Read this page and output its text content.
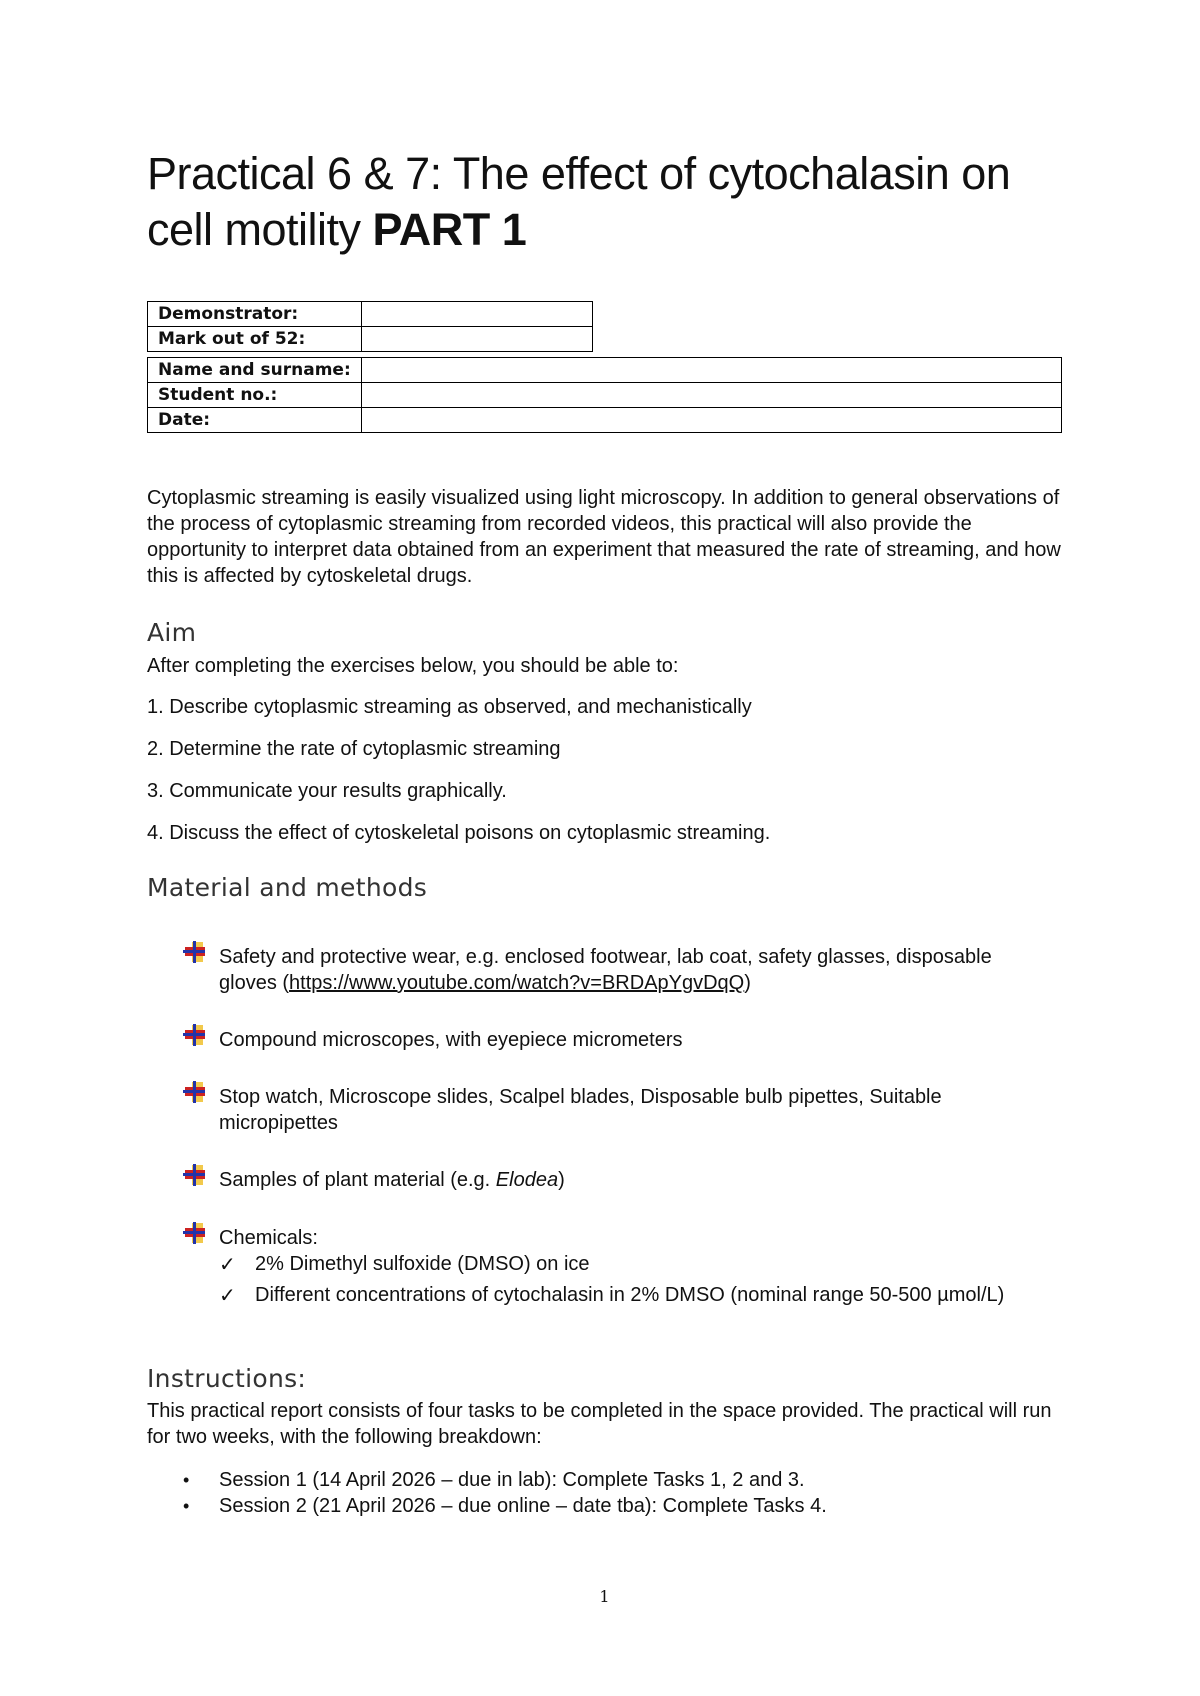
Practical 6 & 7: The effect of cytochalasin on cell motility PART 1
Demonstrator:	
Mark out of 52:	
Name and surname:	
Student no.:	
Date:	

Cytoplasmic streaming is easily visualized using light microscopy. In addition to general observations of the process of cytoplasmic streaming from recorded videos, this practical will also provide the opportunity to interpret data obtained from an experiment that measured the rate of streaming, and how this is affected by cytoskeletal drugs.

Aim

After completing the exercises below, you should be able to:

1. Describe cytoplasmic streaming as observed, and mechanistically
2. Determine the rate of cytoplasmic streaming
3. Communicate your results graphically.
4. Discuss the effect of cytoskeletal poisons on cytoplasmic streaming.
Material and methods
Safety and protective wear, e.g. enclosed footwear, lab coat, safety glasses, disposable gloves (https://www.youtube.com/watch?v=BRDApYgvDqQ)
Compound microscopes, with eyepiece micrometers
Stop watch, Microscope slides, Scalpel blades, Disposable bulb pipettes, Suitable micropipettes
Samples of plant material (e.g. Elodea)
Chemicals:
✓ 2% Dimethyl sulfoxide (DMSO) on ice
✓ Different concentrations of cytochalasin in 2% DMSO (nominal range 50-500 µmol/L)
Instructions:

This practical report consists of four tasks to be completed in the space provided. The practical will run for two weeks, with the following breakdown:

• Session 1 (14 April 2026 – due in lab): Complete Tasks 1, 2 and 3.
• Session 2 (21 April 2026 – due online – date tba): Complete Tasks 4.
1
